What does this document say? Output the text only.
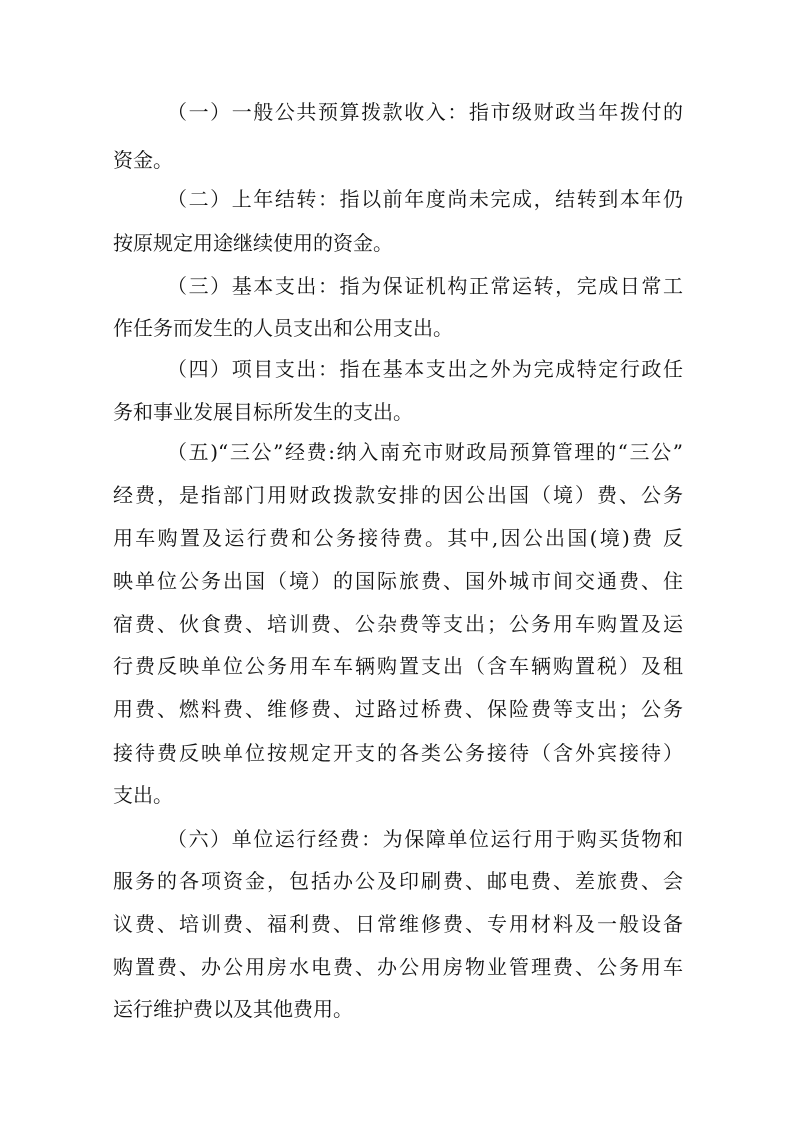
（一）一般公共预算拨款收入：指市级财政当年拨付的
资金。
（二）上年结转：指以前年度尚未完成，结转到本年仍
按原规定用途继续使用的资金。
（三）基本支出：指为保证机构正常运转，完成日常工
作任务而发生的人员支出和公用支出。
（四）项目支出：指在基本支出之外为完成特定行政任
务和事业发展目标所发生的支出。
（五)“三公”经费:纳入南充市财政局预算管理的“三公”
经费，是指部门用财政拨款安排的因公出国（境）费、公务
用车购置及运行费和公务接待费。其中,因公出国(境)费 反
映单位公务出国（境）的国际旅费、国外城市间交通费、住
宿费、伙食费、培训费、公杂费等支出；公务用车购置及运
行费反映单位公务用车车辆购置支出（含车辆购置税）及租
用费、燃料费、维修费、过路过桥费、保险费等支出；公务
接待费反映单位按规定开支的各类公务接待（含外宾接待）
支出。
（六）单位运行经费：为保障单位运行用于购买货物和
服务的各项资金，包括办公及印刷费、邮电费、差旅费、会
议费、培训费、福利费、日常维修费、专用材料及一般设备
购置费、办公用房水电费、办公用房物业管理费、公务用车
运行维护费以及其他费用。
